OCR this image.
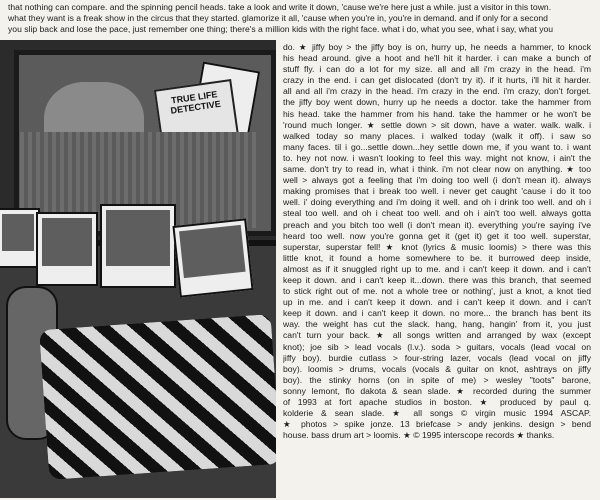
that nothing can compare. and the spinning pencil heads. take a look and write it down, 'cause we're here just a while. just a visitor in this town.
what they want is a freak show in the circus that they started. glamorize it all, 'cause when you're in, you're in demand. and if only for a second
you slip back and lose the pace, just remember one thing; there's a million kids with the right face. what i do, what you see, what i say, what you
TRUE LIFE DETECTIVE
do. ★ jiffy boy > the jiffy boy is on, hurry up, he needs a hammer, to knock
his head around. give a hoot and he'll hit it harder. i can make a bunch of
stuff fly. i can do a lot for my size. all and all i'm crazy in the head. i'm
crazy in the end. i can get dislocated (don't try it). if it hurts, i'll hit it harder.
all and all i'm crazy in the head. i'm crazy in the end. i'm crazy, don't forget.
the jiffy boy went down, hurry up he needs a doctor. take the hammer from
his head. take the hammer from his hand. take the hammer or he won't be
'round much longer. ★ settle down > sit down, have a water. walk. walk. i
walked today so many places. i walked today (walk it off). i saw so
many faces. til i go...settle down...hey settle down me, if you want to. i want
to. hey not now. i wasn't looking to feel this way. might not know, i ain't the
same. don't try to read in, what i think. i'm not clear now on anything. ★ too
well > always got a feeling that i'm doing too well (i don't mean it). always
making promises that i break too well. i never get caught 'cause i do it too
well. i' doing everything and i'm doing it well. and oh i drink too well. and oh i
steal too well. and oh i cheat too well. and oh i ain't too well. always gotta
preach and you bitch too well (i don't mean it). everything you're saying i've
heard too well. now you're gonna get it (get it) get it too well. superstar,
superstar, superstar fell! ★ knot (lyrics & music loomis) > there was this
little knot, it found a home somewhere to be. it burrowed deep inside,
almost as if it snuggled right up to me. and i can't keep it down. and i can't
keep it down. and i can't keep it...down. there was this branch, that seemed
to stick right out of me. not a whole tree or nothing', just a knot, a knot tied
up in me. and i can't keep it down. and i can't keep it down. and i can't
keep it down. and i can't keep it down. no more... the branch has bent its
way. the weight has cut the slack. hang, hang, hangin' from it, you just
can't turn your back. ★ all songs written and arranged by wax (except
knot); joe sib > lead vocals (l.v.). soda > guitars, vocals (lead vocal on
jiffy boy). burdie cutlass > four-string lazer, vocals (lead vocal on jiffy
boy). loomis > drums, vocals (vocals & guitar on knot, ashtrays on jiffy
boy). the stinky horns (on in spite of me) > wesley "toots" barone,
sonny lemont, flo dakota & sean slade. ★ recorded during the summer
of 1993 at fort apache studios in boston. ★ produced by paul q.
kolderie & sean slade. ★ all songs © virgin music 1994 ASCAP.
★ photos > spike jonze. 13 briefcase > andy jenkins. design > bend
house. bass drum art > loomis. ★ © 1995 interscope records ★ thanks.
